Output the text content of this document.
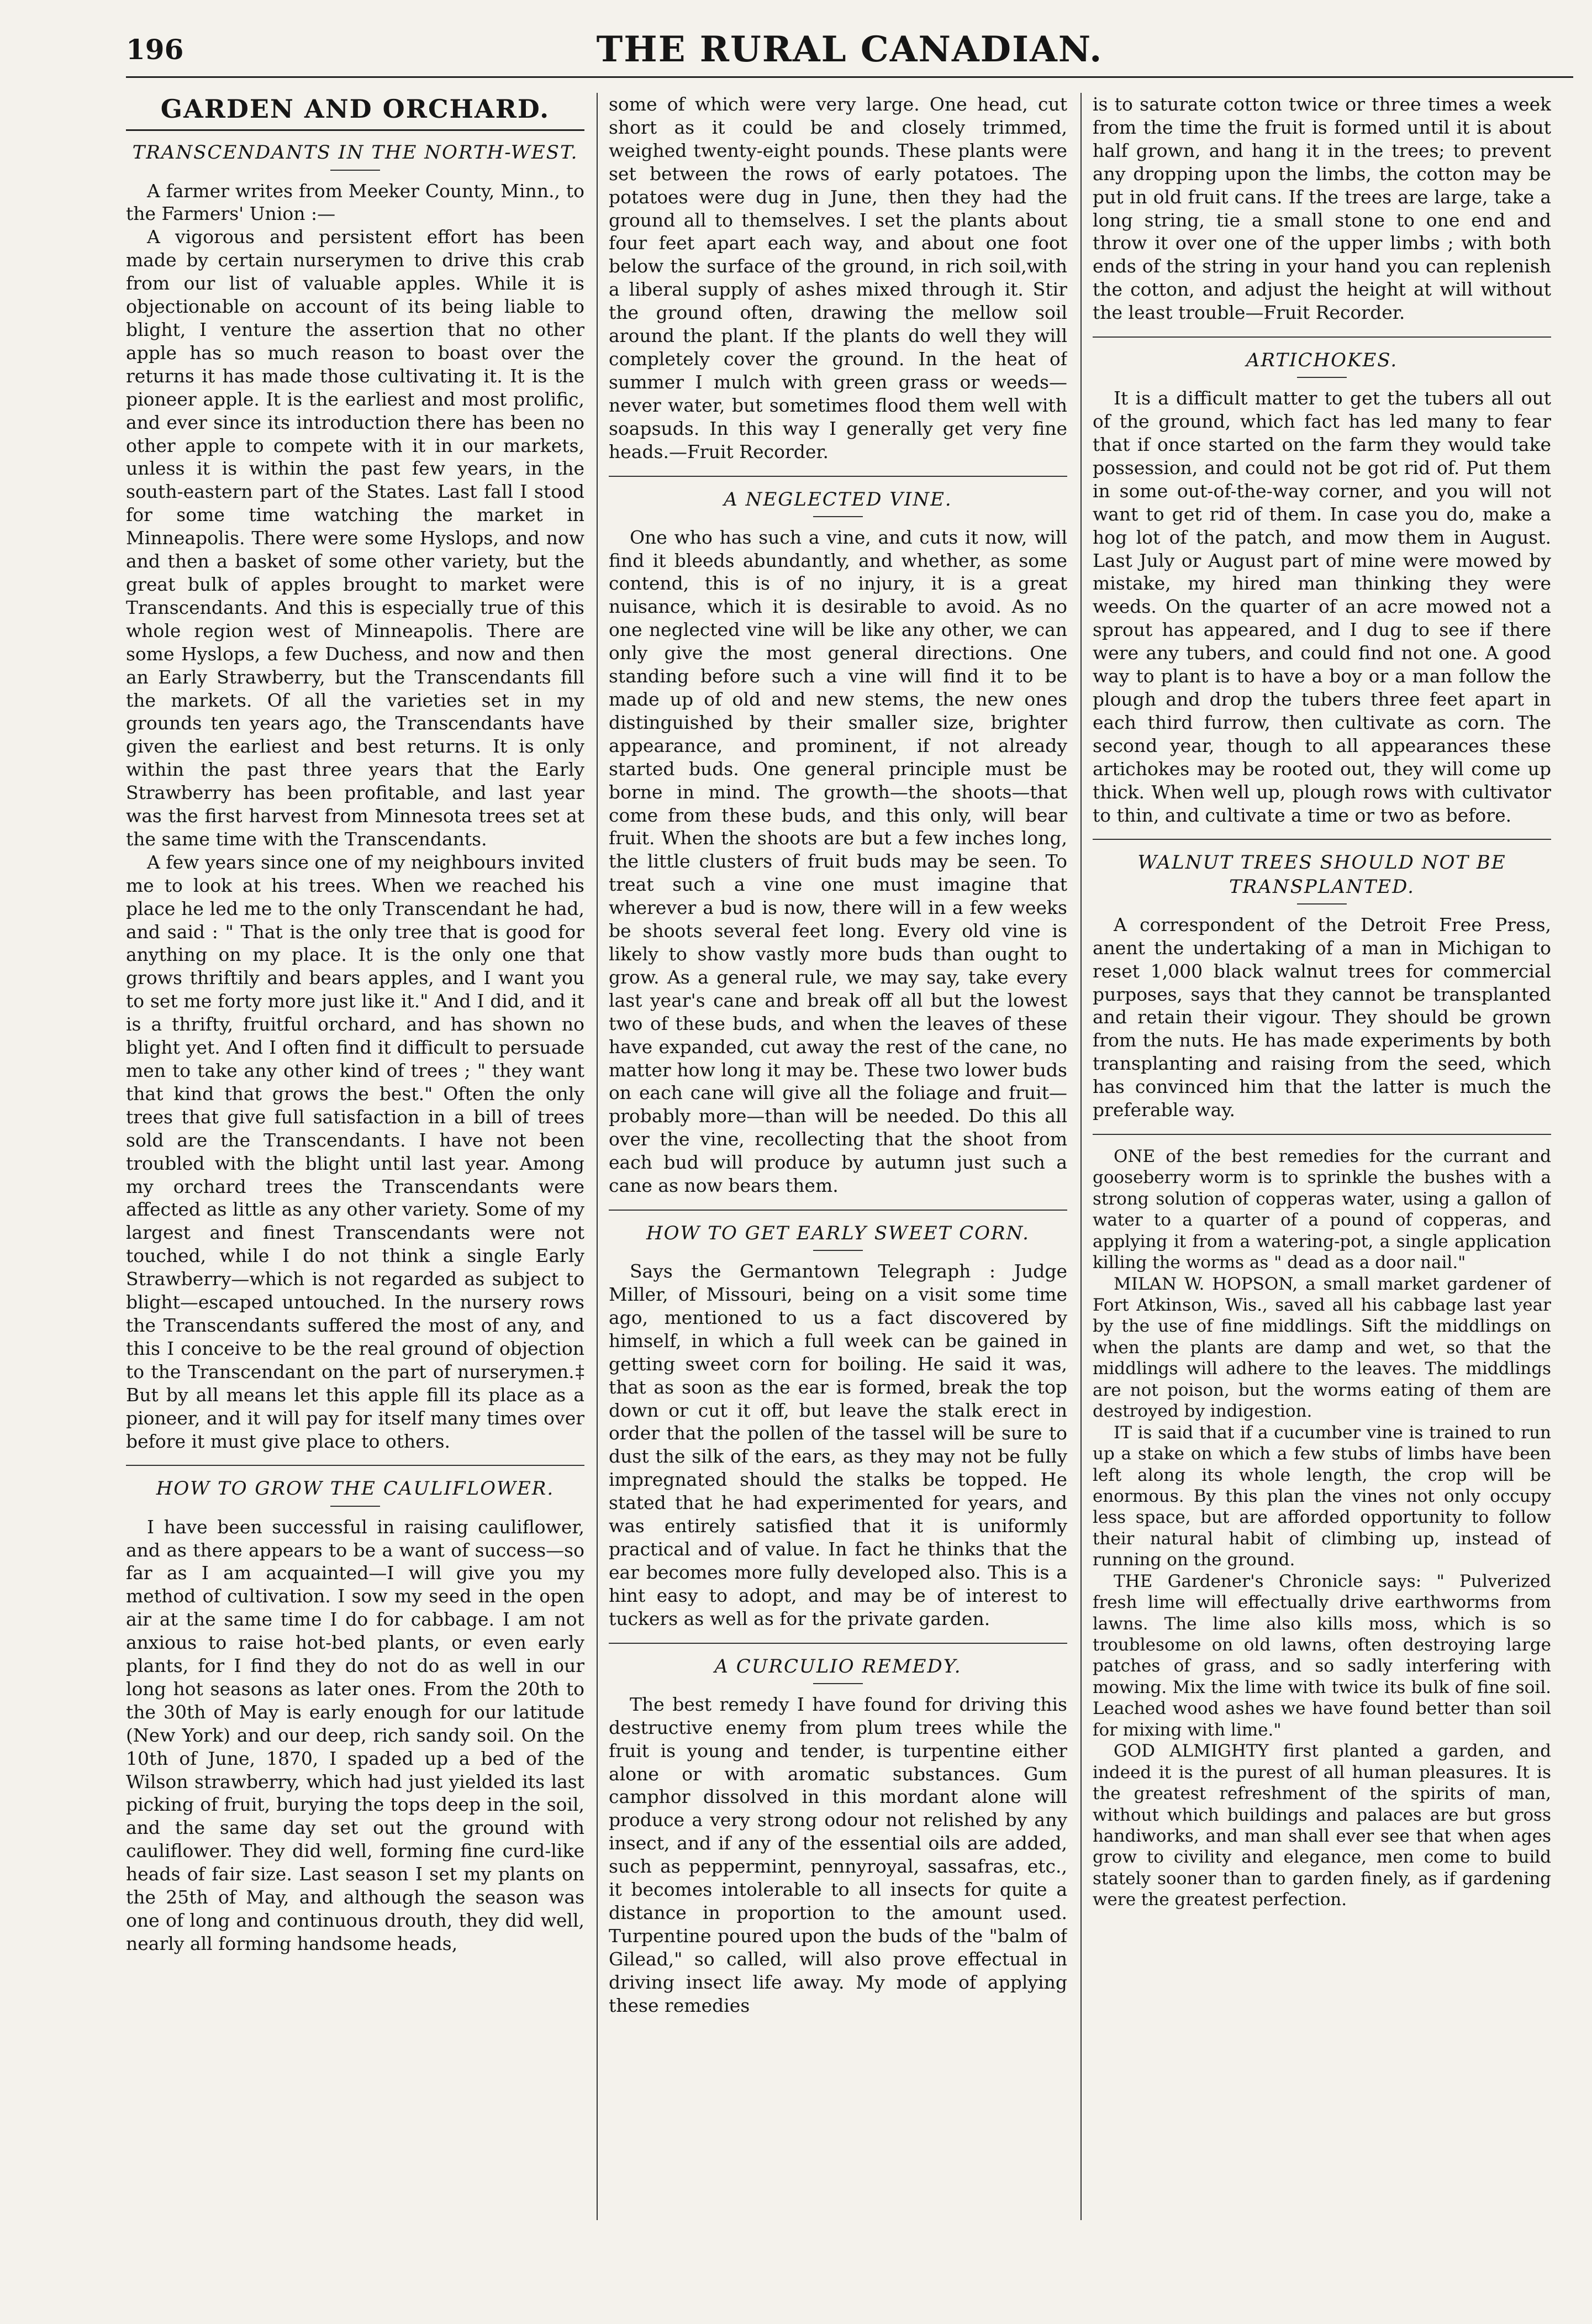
196	THE RURAL CANADIAN.
GARDEN AND ORCHARD.
TRANSCENDANTS IN THE NORTH-WEST.

A farmer writes from Meeker County, Minn., to the Farmers' Union :—

A vigorous and persistent effort has been made by certain nurserymen to drive this crab from our list of valuable apples. While it is objectionable on account of its being liable to blight, I venture the assertion that no other apple has so much reason to boast over the returns it has made those cultivating it. It is the pioneer apple. It is the earliest and most prolific, and ever since its introduction there has been no other apple to compete with it in our markets, unless it is within the past few years, in the south-eastern part of the States. Last fall I stood for some time watching the market in Minneapolis. There were some Hyslops, and now and then a basket of some other variety, but the great bulk of apples brought to market were Transcendants. And this is especially true of this whole region west of Minneapolis. There are some Hyslops, a few Duchess, and now and then an Early Strawberry, but the Transcendants fill the markets. Of all the varieties set in my grounds ten years ago, the Transcendants have given the earliest and best returns. It is only within the past three years that the Early Strawberry has been profitable, and last year was the first harvest from Minnesota trees set at the same time with the Transcendants.

A few years since one of my neighbours invited me to look at his trees. When we reached his place he led me to the only Transcendant he had, and said : " That is the only tree that is good for anything on my place. It is the only one that grows thriftily and bears apples, and I want you to set me forty more just like it." And I did, and it is a thrifty, fruitful orchard, and has shown no blight yet. And I often find it difficult to persuade men to take any other kind of trees ; " they want that kind that grows the best." Often the only trees that give full satisfaction in a bill of trees sold are the Transcendants. I have not been troubled with the blight until last year. Among my orchard trees the Transcendants were affected as little as any other variety. Some of my largest and finest Transcendants were not touched, while I do not think a single Early Strawberry—which is not regarded as subject to blight—escaped untouched. In the nursery rows the Transcendants suffered the most of any, and this I conceive to be the real ground of objection to the Transcendant on the part of nurserymen.‡ But by all means let this apple fill its place as a pioneer, and it will pay for itself many times over before it must give place to others.

HOW TO GROW THE CAULIFLOWER.

I have been successful in raising cauliflower, and as there appears to be a want of success—so far as I am acquainted—I will give you my method of cultivation. I sow my seed in the open air at the same time I do for cabbage. I am not anxious to raise hot-bed plants, or even early plants, for I find they do not do as well in our long hot seasons as later ones. From the 20th to the 30th of May is early enough for our latitude (New York) and our deep, rich sandy soil. On the 10th of June, 1870, I spaded up a bed of the Wilson strawberry, which had just yielded its last picking of fruit, burying the tops deep in the soil, and the same day set out the ground with cauliflower. They did well, forming fine curd-like heads of fair size. Last season I set my plants on the 25th of May, and although the season was one of long and continuous drouth, they did well, nearly all forming handsome heads,

some of which were very large. One head, cut short as it could be and closely trimmed, weighed twenty-eight pounds. These plants were set between the rows of early potatoes. The potatoes were dug in June, then they had the ground all to themselves. I set the plants about four feet apart each way, and about one foot below the surface of the ground, in rich soil,with a liberal supply of ashes mixed through it. Stir the ground often, drawing the mellow soil around the plant. If the plants do well they will completely cover the ground. In the heat of summer I mulch with green grass or weeds—never water, but sometimes flood them well with soapsuds. In this way I generally get very fine heads.—Fruit Recorder.

A NEGLECTED VINE.

One who has such a vine, and cuts it now, will find it bleeds abundantly, and whether, as some contend, this is of no injury, it is a great nuisance, which it is desirable to avoid. As no one neglected vine will be like any other, we can only give the most general directions. One standing before such a vine will find it to be made up of old and new stems, the new ones distinguished by their smaller size, brighter appearance, and prominent, if not already started buds. One general principle must be borne in mind. The growth—the shoots—that come from these buds, and this only, will bear fruit. When the shoots are but a few inches long, the little clusters of fruit buds may be seen. To treat such a vine one must imagine that wherever a bud is now, there will in a few weeks be shoots several feet long. Every old vine is likely to show vastly more buds than ought to grow. As a general rule, we may say, take every last year's cane and break off all but the lowest two of these buds, and when the leaves of these have expanded, cut away the rest of the cane, no matter how long it may be. These two lower buds on each cane will give all the foliage and fruit—probably more—than will be needed. Do this all over the vine, recollecting that the shoot from each bud will produce by autumn just such a cane as now bears them.

HOW TO GET EARLY SWEET CORN.

Says the Germantown Telegraph : Judge Miller, of Missouri, being on a visit some time ago, mentioned to us a fact discovered by himself, in which a full week can be gained in getting sweet corn for boiling. He said it was, that as soon as the ear is formed, break the top down or cut it off, but leave the stalk erect in order that the pollen of the tassel will be sure to dust the silk of the ears, as they may not be fully impregnated should the stalks be topped. He stated that he had experimented for years, and was entirely satisfied that it is uniformly practical and of value. In fact he thinks that the ear becomes more fully developed also. This is a hint easy to adopt, and may be of interest to tuckers as well as for the private garden.

A CURCULIO REMEDY.

The best remedy I have found for driving this destructive enemy from plum trees while the fruit is young and tender, is turpentine either alone or with aromatic substances. Gum camphor dissolved in this mordant alone will produce a very strong odour not relished by any insect, and if any of the essential oils are added, such as peppermint, pennyroyal, sassafras, etc., it becomes intolerable to all insects for quite a distance in proportion to the amount used. Turpentine poured upon the buds of the "balm of Gilead," so called, will also prove effectual in driving insect life away. My mode of applying these remedies

is to saturate cotton twice or three times a week from the time the fruit is formed until it is about half grown, and hang it in the trees; to prevent any dropping upon the limbs, the cotton may be put in old fruit cans. If the trees are large, take a long string, tie a small stone to one end and throw it over one of the upper limbs ; with both ends of the string in your hand you can replenish the cotton, and adjust the height at will without the least trouble—Fruit Recorder.

ARTICHOKES.

It is a difficult matter to get the tubers all out of the ground, which fact has led many to fear that if once started on the farm they would take possession, and could not be got rid of. Put them in some out-of-the-way corner, and you will not want to get rid of them. In case you do, make a hog lot of the patch, and mow them in August. Last July or August part of mine were mowed by mistake, my hired man thinking they were weeds. On the quarter of an acre mowed not a sprout has appeared, and I dug to see if there were any tubers, and could find not one. A good way to plant is to have a boy or a man follow the plough and drop the tubers three feet apart in each third furrow, then cultivate as corn. The second year, though to all appearances these artichokes may be rooted out, they will come up thick. When well up, plough rows with cultivator to thin, and cultivate a time or two as before.

WALNUT TREES SHOULD NOT BE TRANSPLANTED.

A correspondent of the Detroit Free Press, anent the undertaking of a man in Michigan to reset 1,000 black walnut trees for commercial purposes, says that they cannot be transplanted and retain their vigour. They should be grown from the nuts. He has made experiments by both transplanting and raising from the seed, which has convinced him that the latter is much the preferable way.

ONE of the best remedies for the currant and gooseberry worm is to sprinkle the bushes with a strong solution of copperas water, using a gallon of water to a quarter of a pound of copperas, and applying it from a watering-pot, a single application killing the worms as " dead as a door nail."

MILAN W. HOPSON, a small market gardener of Fort Atkinson, Wis., saved all his cabbage last year by the use of fine middlings. Sift the middlings on when the plants are damp and wet, so that the middlings will adhere to the leaves. The middlings are not poison, but the worms eating of them are destroyed by indigestion.

IT is said that if a cucumber vine is trained to run up a stake on which a few stubs of limbs have been left along its whole length, the crop will be enormous. By this plan the vines not only occupy less space, but are afforded opportunity to follow their natural habit of climbing up, instead of running on the ground.

THE Gardener's Chronicle says: " Pulverized fresh lime will effectually drive earthworms from lawns. The lime also kills moss, which is so troublesome on old lawns, often destroying large patches of grass, and so sadly interfering with mowing. Mix the lime with twice its bulk of fine soil. Leached wood ashes we have found better than soil for mixing with lime."

GOD ALMIGHTY first planted a garden, and indeed it is the purest of all human pleasures. It is the greatest refreshment of the spirits of man, without which buildings and palaces are but gross handiworks, and man shall ever see that when ages grow to civility and elegance, men come to build stately sooner than to garden finely, as if gardening were the greatest perfection.
